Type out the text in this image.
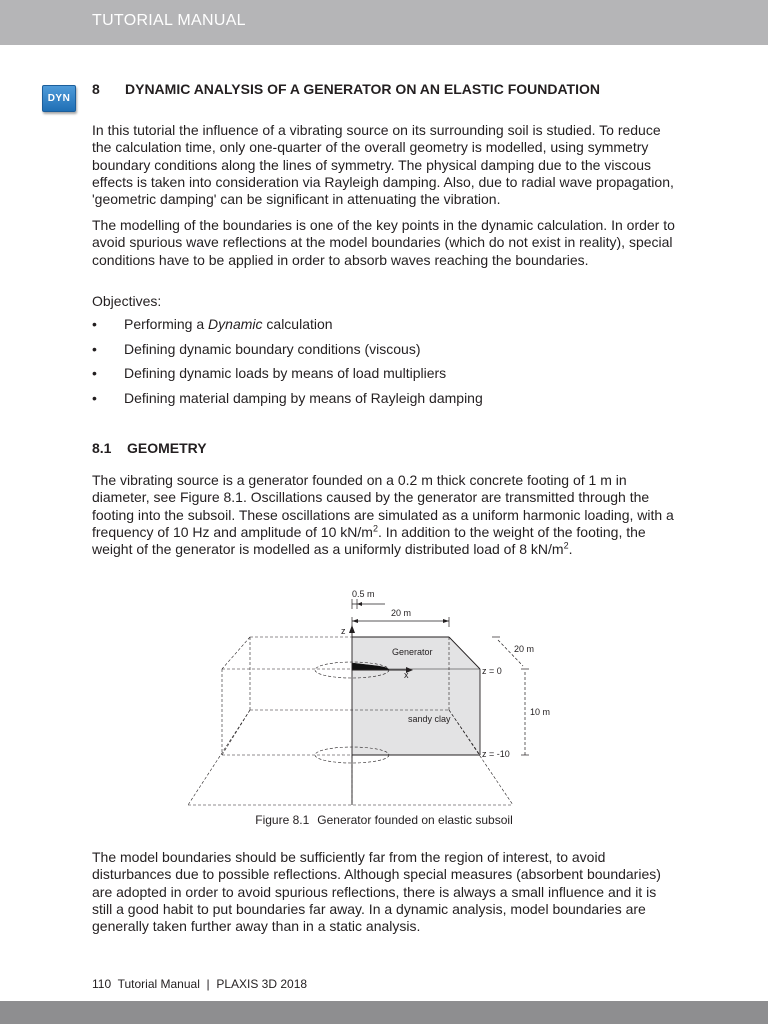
TUTORIAL MANUAL
DYN
8 DYNAMIC ANALYSIS OF A GENERATOR ON AN ELASTIC FOUNDATION

In this tutorial the influence of a vibrating source on its surrounding soil is studied. To reduce the calculation time, only one-quarter of the overall geometry is modelled, using symmetry boundary conditions along the lines of symmetry. The physical damping due to the viscous effects is taken into consideration via Rayleigh damping. Also, due to radial wave propagation, 'geometric damping' can be significant in attenuating the vibration.

The modelling of the boundaries is one of the key points in the dynamic calculation. In order to avoid spurious wave reflections at the model boundaries (which do not exist in reality), special conditions have to be applied in order to absorb waves reaching the boundaries.

Objectives:

• Performing a Dynamic calculation
• Defining dynamic boundary conditions (viscous)
• Defining dynamic loads by means of load multipliers
• Defining material damping by means of Rayleigh damping
8.1 GEOMETRY

The vibrating source is a generator founded on a 0.2 m thick concrete footing of 1 m in diameter, see Figure 8.1. Oscillations caused by the generator are transmitted through the footing into the subsoil. These oscillations are simulated as a uniform harmonic loading, with a frequency of 10 Hz and amplitude of 10 $kN/m^2$. In addition to the weight of the footing, the weight of the generator is modelled as a uniformly distributed load of 8 $kN/m^2$.

0.5 m
20 m
20 m
10 m
z
x
Generator
sandy clay
z = 0
z = -10
Figure 8.1 Generator founded on elastic subsoil

The model boundaries should be sufficiently far from the region of interest, to avoid disturbances due to possible reflections. Although special measures (absorbent boundaries) are adopted in order to avoid spurious reflections, there is always a small influence and it is still a good habit to put boundaries far away. In a dynamic analysis, model boundaries are generally taken further away than in a static analysis.

110 Tutorial Manual | PLAXIS 3D 2018
